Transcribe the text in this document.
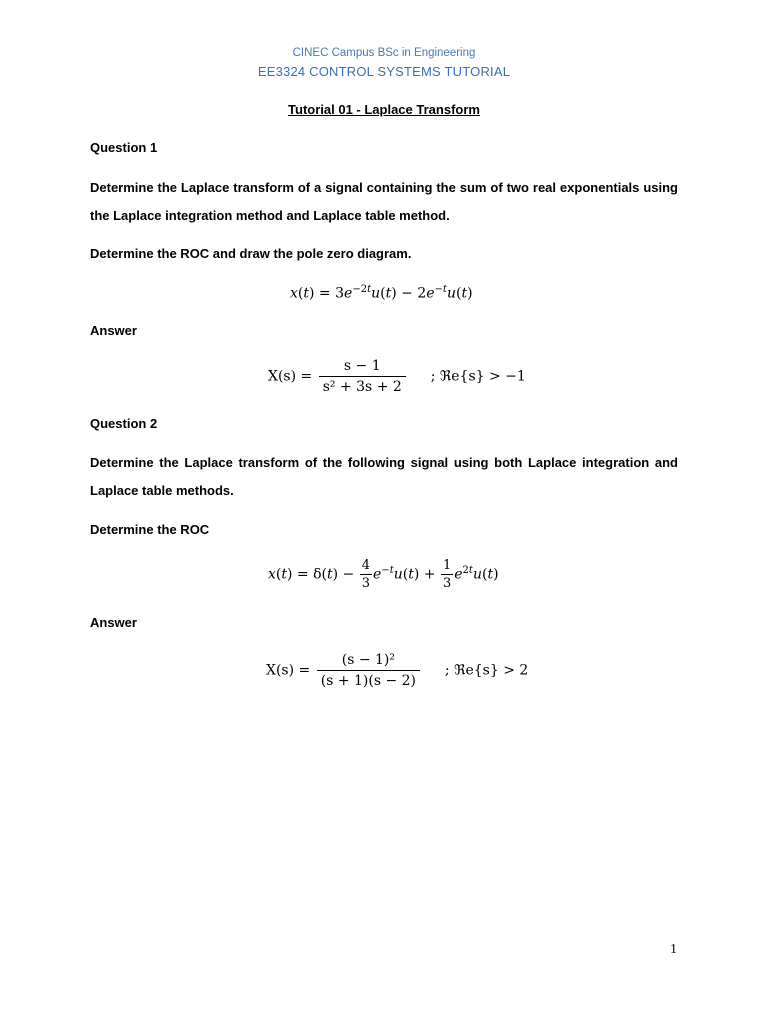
CINEC Campus BSc in Engineering
EE3324 CONTROL SYSTEMS TUTORIAL
Tutorial 01 - Laplace Transform
Question 1
Determine the Laplace transform of a signal containing the sum of two real exponentials using the Laplace integration method and Laplace table method.
Determine the ROC and draw the pole zero diagram.
$x(t) = 3e^{-2t}u(t) - 2e^{-t}u(t)$
Answer
$X(s) = \frac{s - 1}{\text{s² + 3s + 2}}$ ; ℜe{s} > −1
Question 2
Determine the Laplace transform of the following signal using both Laplace integration and Laplace table methods.
Determine the ROC
$x(t) = \delta(t) - \frac{4}{3} e^{-t}u(t) + \frac{1}{3} e^{2t}u(t)$
Answer
$X(s) = \frac{\text{(s − 1)²}}{(s + 1)(s - 2)}$ ; ℜe{s} > 2
1
